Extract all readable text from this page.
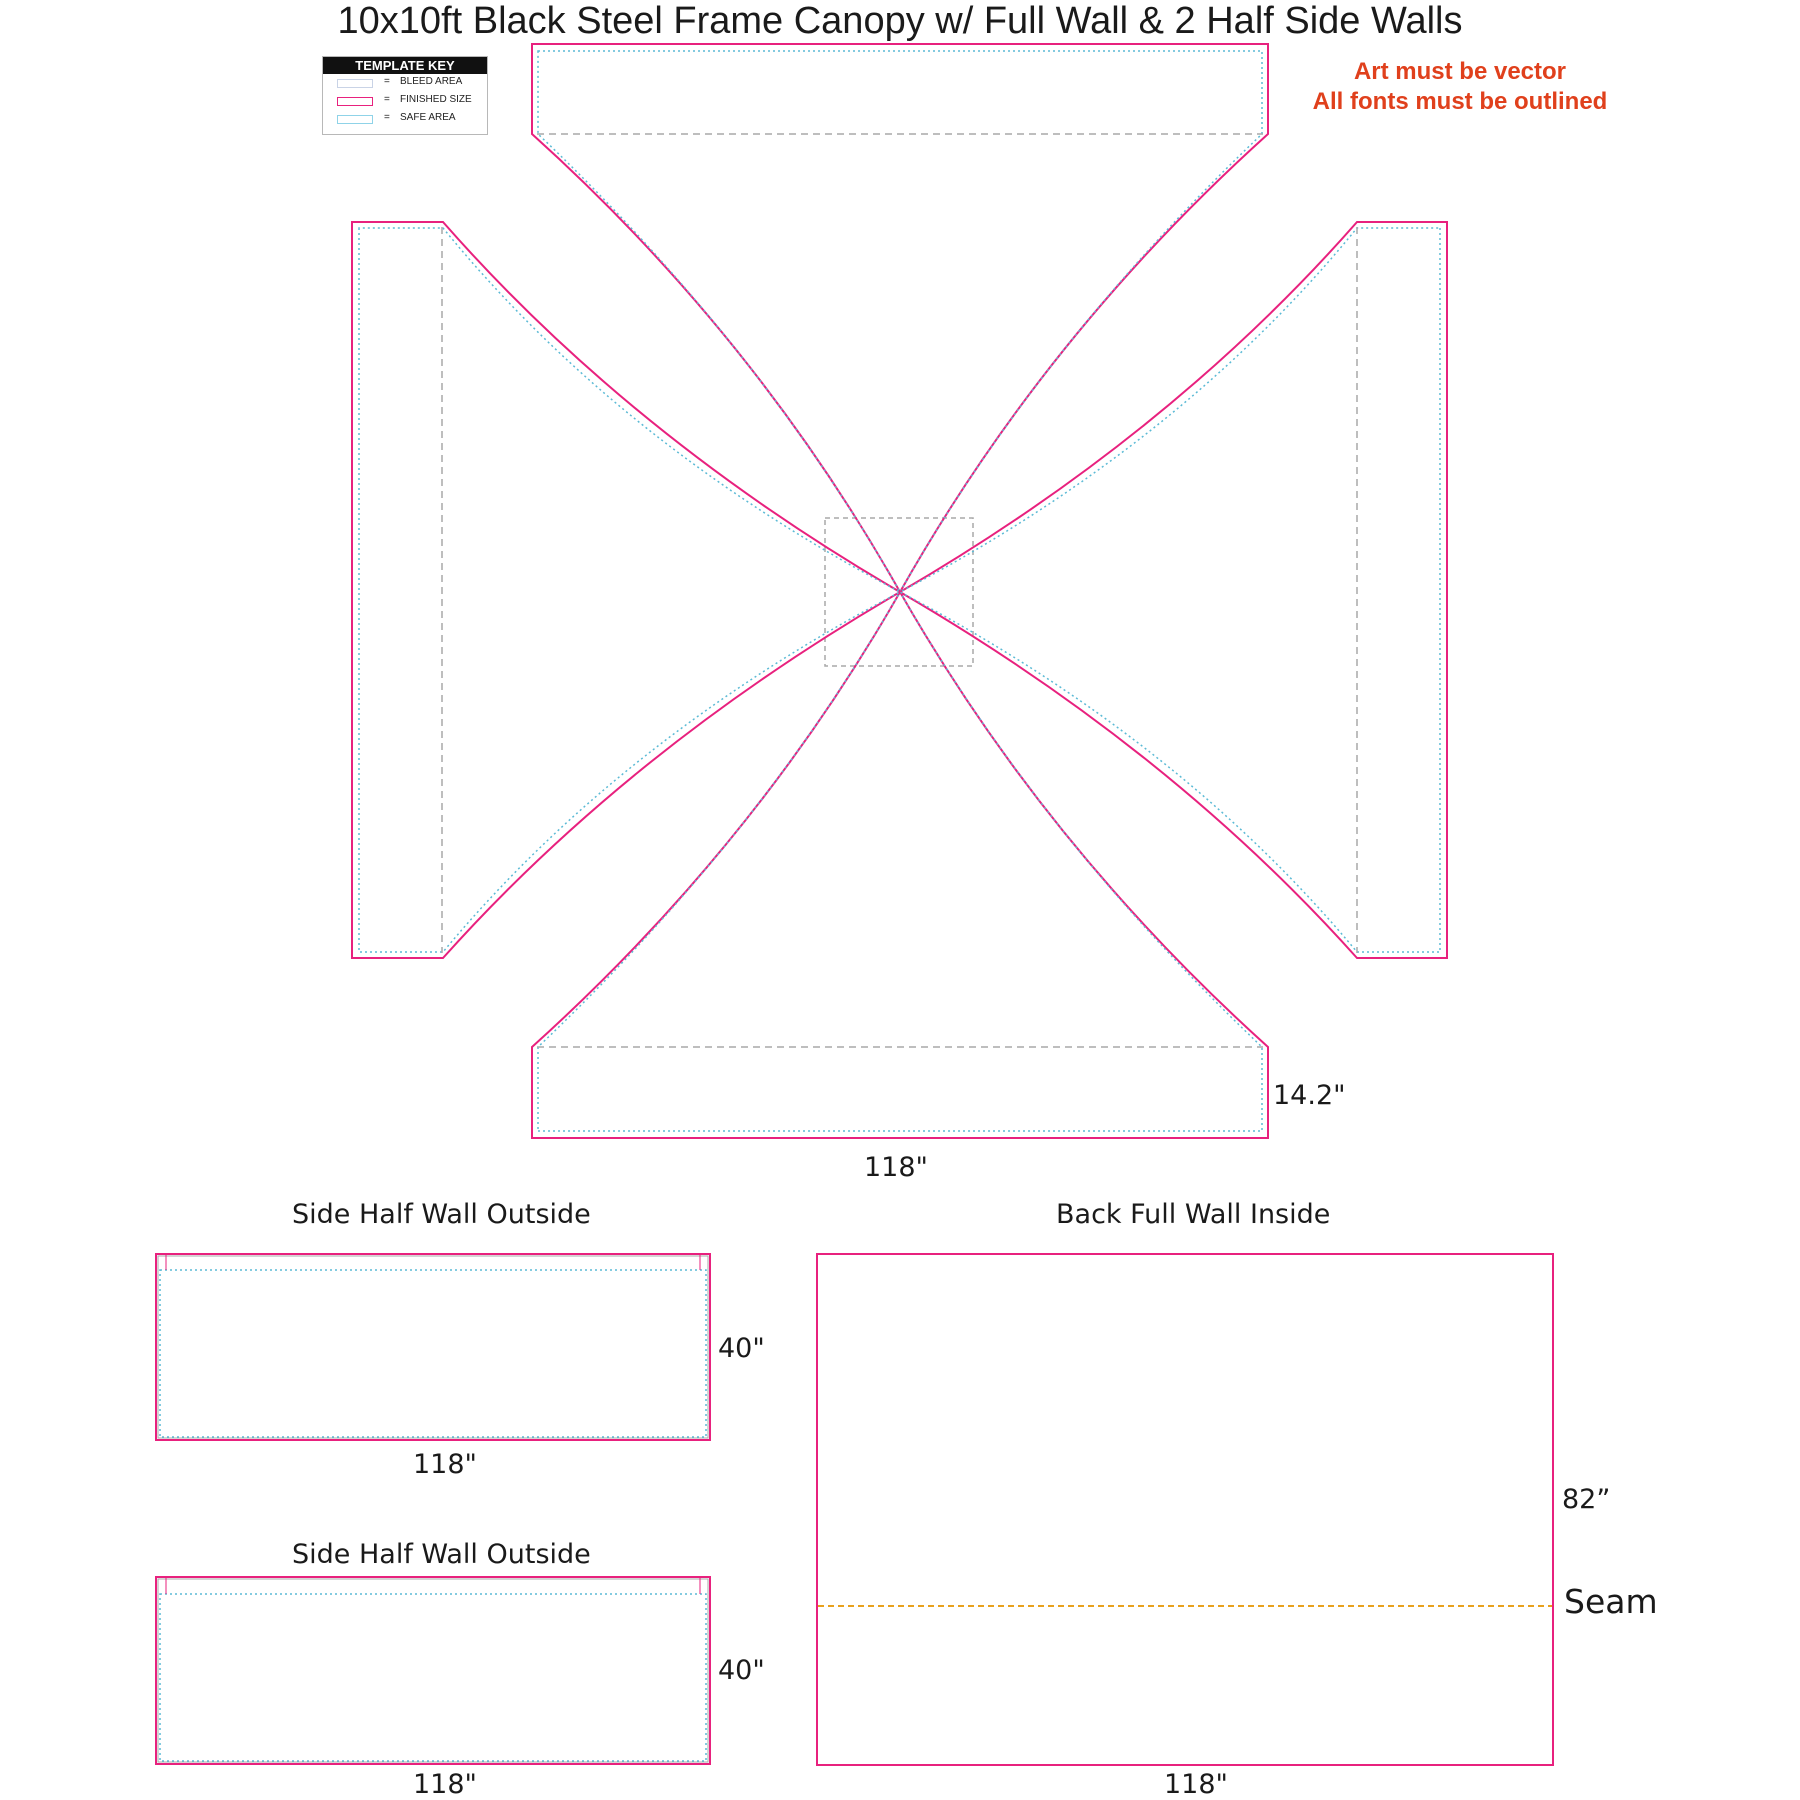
10x10ft Black Steel Frame Canopy w/ Full Wall & 2 Half Side Walls
Art must be vector
All fonts must be outlined
TEMPLATE KEY
= BLEED AREA
= FINISHED SIZE
= SAFE AREA
14.2"
118"
Side Half Wall Outside
40"
118"
Side Half Wall Outside
40"
118"
Back Full Wall Inside
82”
Seam
118"
